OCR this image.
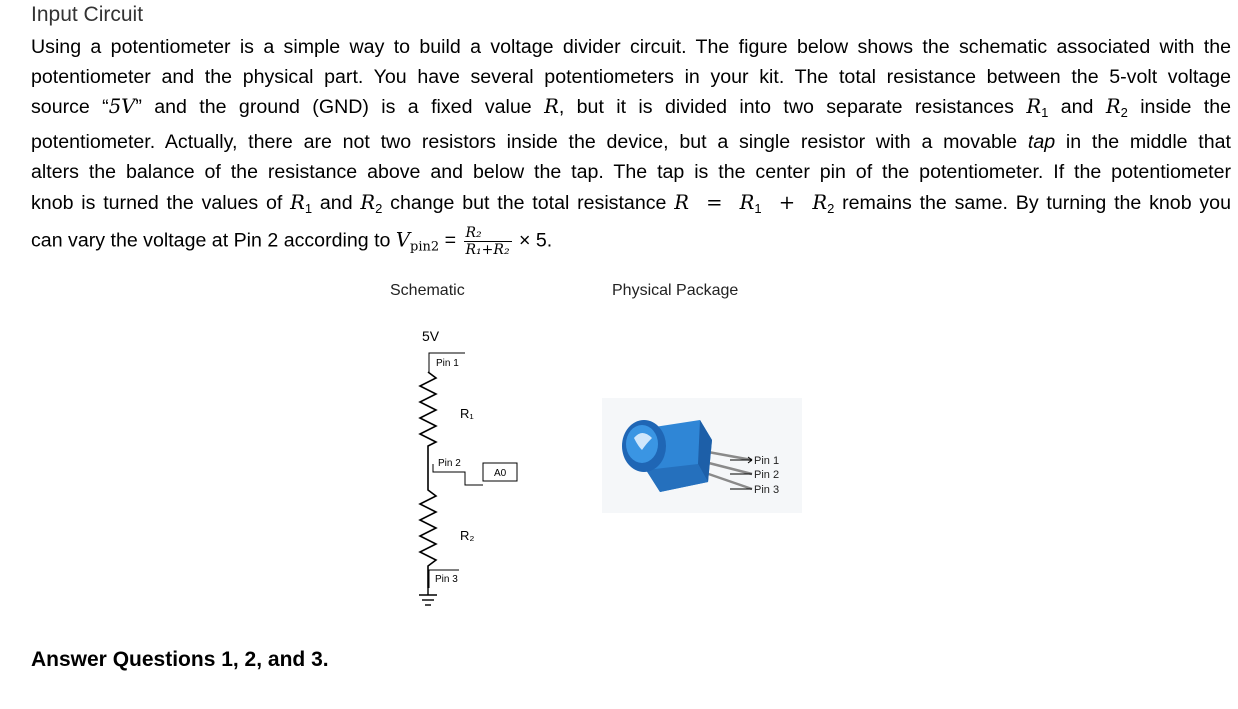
Input Circuit
Using a potentiometer is a simple way to build a voltage divider circuit. The figure below shows the schematic associated with the
potentiometer and the physical part. You have several potentiometers in your kit. The total resistance between the 5-volt voltage
source “5V” and the ground (GND) is a fixed value R, but it is divided into two separate resistances $R_1$ and $R_2$ inside the
potentiometer. Actually, there are not two resistors inside the device, but a single resistor with a movable tap in the middle that
alters the balance of the resistance above and below the tap. The tap is the center pin of the potentiometer. If the potentiometer
knob is turned the values of $R_1$ and $R_2$ change but the total resistance $R = R_1 + R_2$ remains the same. By turning the knob you
can vary the voltage at Pin 2 according to $V_{pin2} = \frac{\text{R₂}}{\text{R₁+R₂}} \times 5$.
Schematic	Physical Package
5V
Pin 1
R₁
Pin 2
A0
R₂
Pin 3
Pin 1
Pin 2
Pin 3
Answer Questions 1, 2, and 3.
